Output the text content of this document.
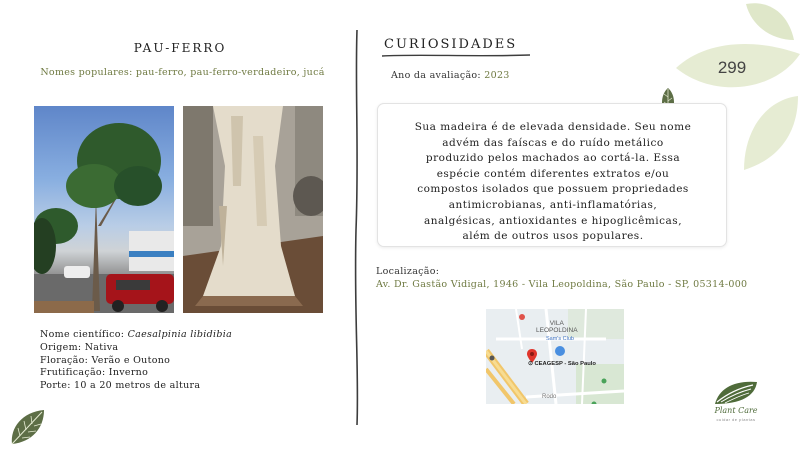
PAU-FERRO
Nomes populares: pau-ferro, pau-ferro-verdadeiro, jucá
Nome científico: Caesalpinia libidibia
Origem: Nativa
Floração: Verão e Outono
Frutificação: Inverno
Porte: 10 a 20 metros de altura
CURIOSIDADES
Ano da avaliação: 2023
Sua madeira é de elevada densidade. Seu nome
advém das faíscas e do ruído metálico
produzido pelos machados ao cortá-la. Essa
espécie contém diferentes extratos e/ou
compostos isolados que possuem propriedades
antimicrobianas, anti-inflamatórias,
analgésicas, antioxidantes e hipoglicêmicas,
além de outros usos populares.
Localização:
Av. Dr. Gastão Vidigal, 1946 - Vila Leopoldina, São Paulo - SP, 05314-000
VILA
LEOPOLDINA
Sam's Club
⊙ CEAGESP - São Paulo
Rodo
299
Plant Care
cuidar de plantas
